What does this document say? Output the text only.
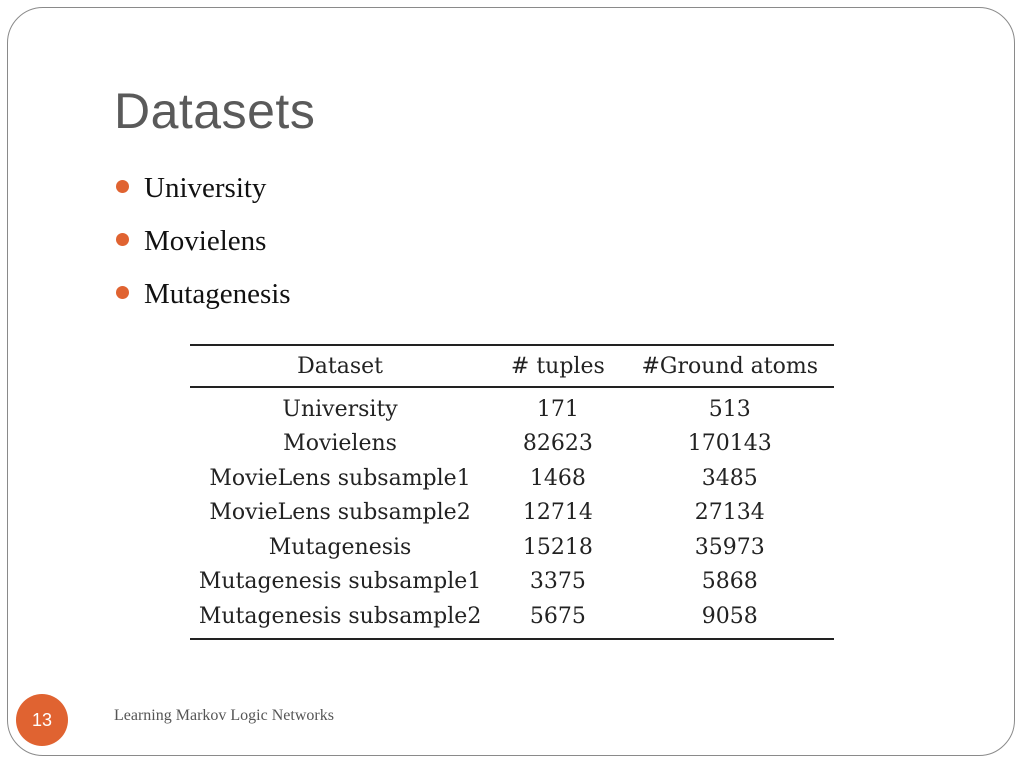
Datasets
University
Movielens
Mutagenesis
Dataset	# tuples	#Ground atoms
University	171	513
Movielens	82623	170143
MovieLens subsample1	1468	3485
MovieLens subsample2	12714	27134
Mutagenesis	15218	35973
Mutagenesis subsample1	3375	5868
Mutagenesis subsample2	5675	9058
13	Learning Markov Logic Networks
